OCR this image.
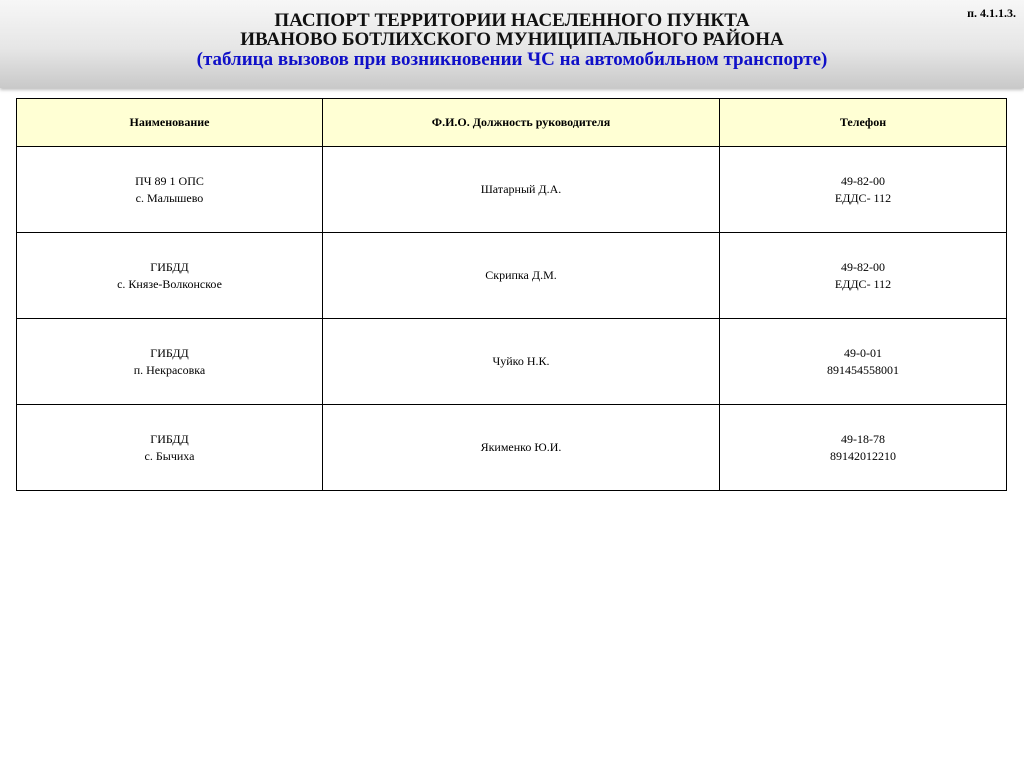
п. 4.1.1.3.
ПАСПОРТ ТЕРРИТОРИИ НАСЕЛЕННОГО ПУНКТА
ИВАНОВО БОТЛИХСКОГО МУНИЦИПАЛЬНОГО РАЙОНА
(таблица вызовов при возникновении ЧС на автомобильном транспорте)
Наименование	Ф.И.О. Должность руководителя	Телефон

ПЧ 89 1 ОПС
с. Малышево	Шатарный Д.А.	49-82-00
ЕДДС- 112

ГИБДД
с. Князе-Волконское	Скрипка Д.М.	49-82-00
ЕДДС- 112

ГИБДД
п. Некрасовка	Чуйко Н.К.	49-0-01
891454558001

ГИБДД
с. Бычиха	Якименко Ю.И.	49-18-78
89142012210
